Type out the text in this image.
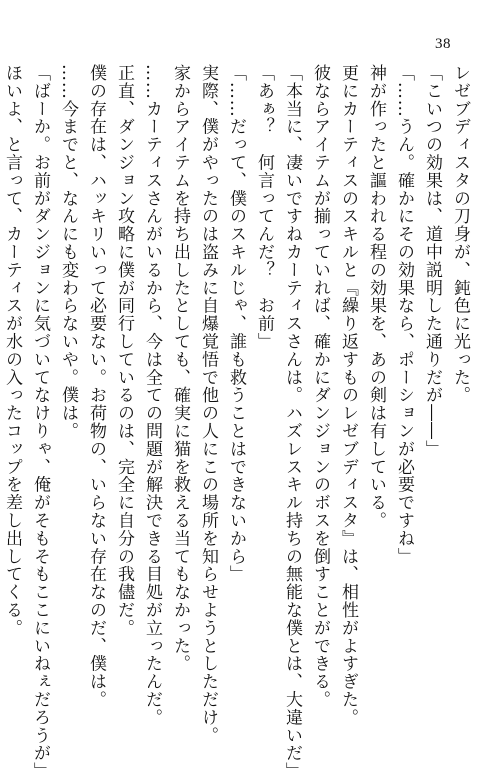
38
レゼブディスタの刀身が、鈍色に光った。
「こいつの効果は、道中説明した通りだが――」
「……うん。確かにその効果なら、ポーションが必要ですね」
神が作ったと謳われる程の効果を、あの剣は有している。
更にカーティスのスキルと『繰り返すものレゼブディスタ』は、相性がよすぎた。
彼ならアイテムが揃っていれば、確かにダンジョンのボスを倒すことができる。
「本当に、凄いですねカーティスさんは。ハズレスキル持ちの無能な僕とは、大違いだ」
「あぁ？　何言ってんだ？　お前」
「……だって、僕のスキルじゃ、誰も救うことはできないから」
実際、僕がやったのは盗みに自爆覚悟で他の人にこの場所を知らせようとしただけ。
家からアイテムを持ち出したとしても、確実に猫を救える当てもなかった。
……カーティスさんがいるから、今は全ての問題が解決できる目処が立ったんだ。
正直、ダンジョン攻略に僕が同行しているのは、完全に自分の我儘だ。
僕の存在は、ハッキリいって必要ない。お荷物の、いらない存在なのだ、僕は。
……今までと、なんにも変わらないや。僕は。
「ばーか。お前がダンジョンに気づいてなけりゃ、俺がそもそもここにいねぇだろうが」
ほいよ、と言って、カーティスが水の入ったコップを差し出してくる。
